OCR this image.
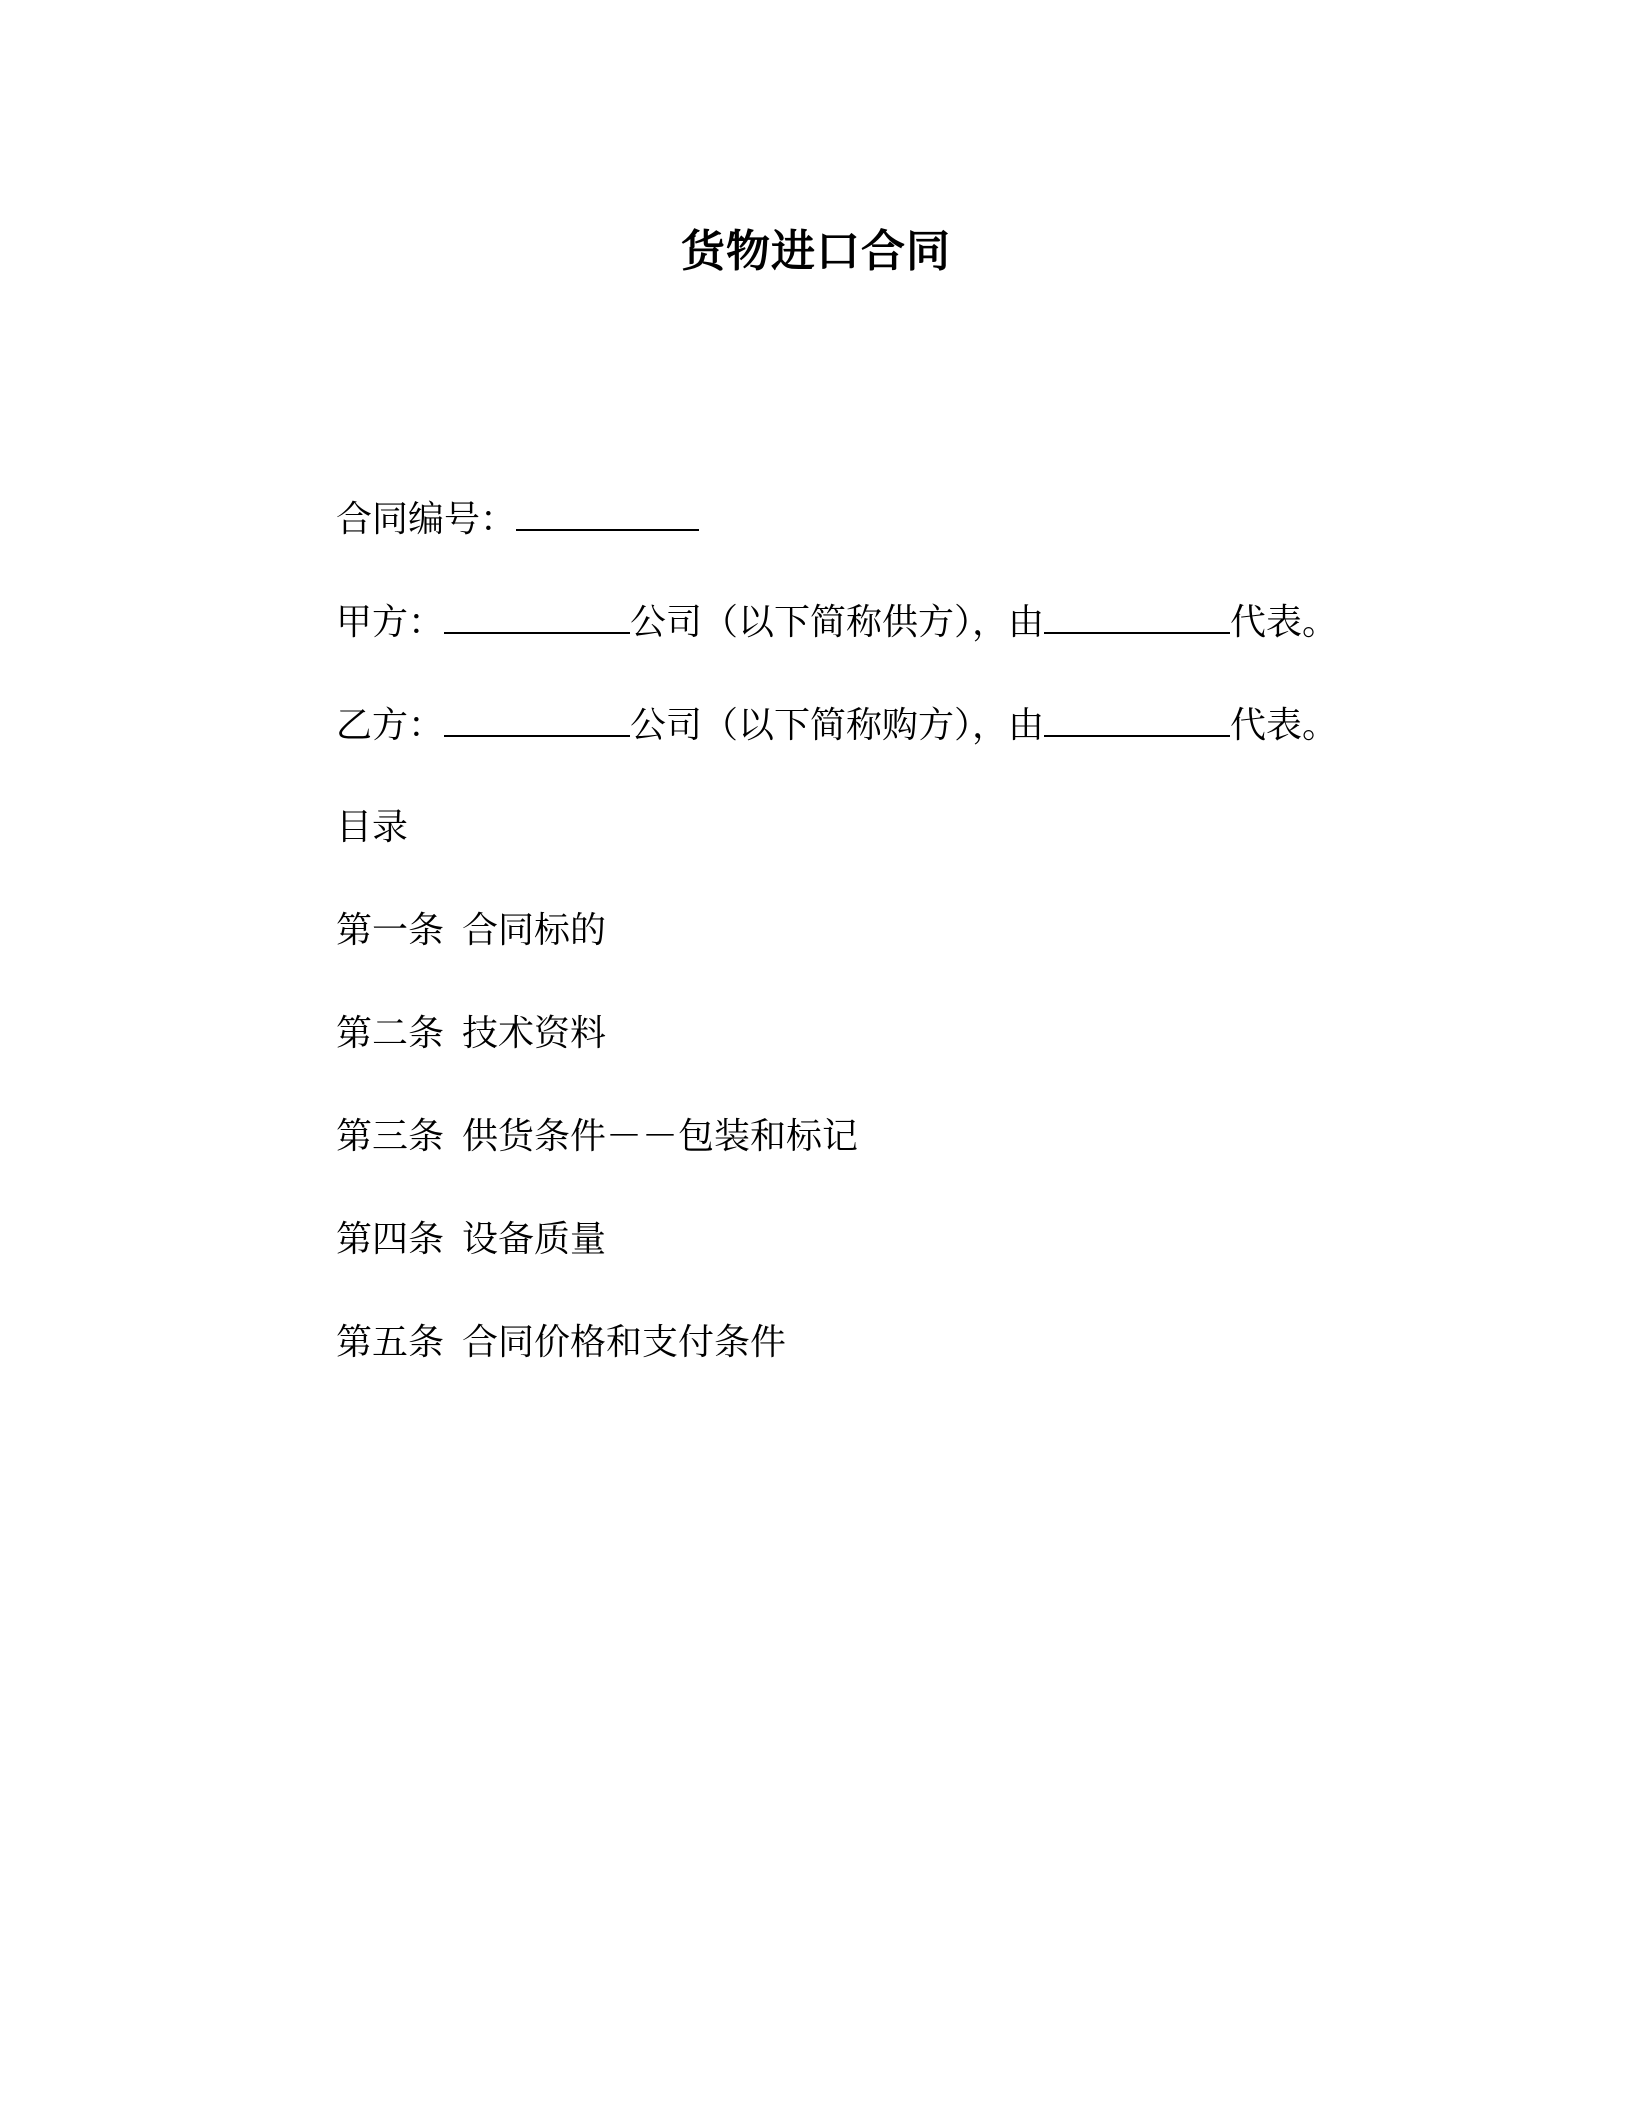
货物进口合同
合同编号：
甲方：	公司（以下简称供方），由	代表。
乙方：	公司（以下简称购方），由	代表。
目录
第一条 合同标的
第二条 技术资料
第三条 供货条件－－包装和标记
第四条 设备质量
第五条 合同价格和支付条件
